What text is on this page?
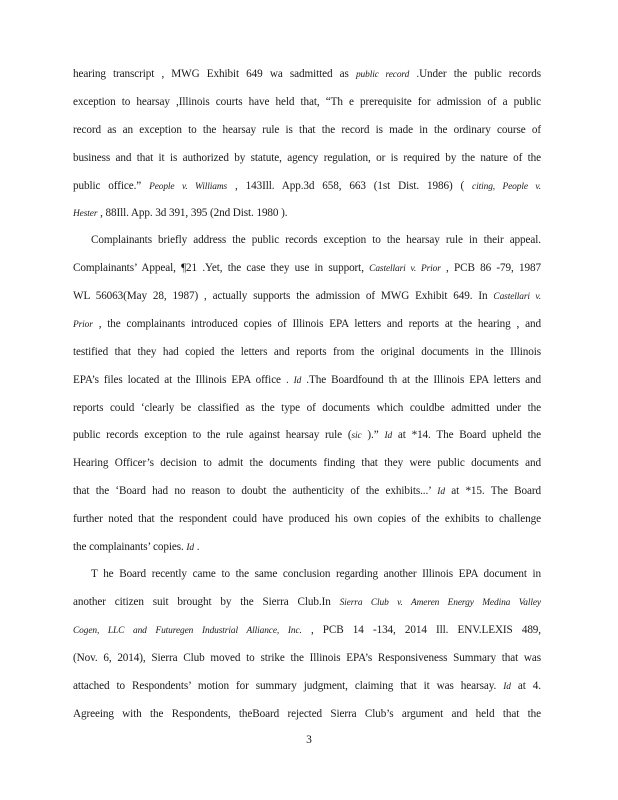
hearing transcript , MWG Exhibit 649 wa sadmitted as public record .Under the public records
exception to hearsay ,Illinois courts have held that, “Th e prerequisite for admission of a public
record as an exception to the hearsay rule is that the record is made in the ordinary course of
business and that it is authorized by statute, agency regulation, or is required by the nature of the
public office.” People v. Williams , 143Ill. App.3d 658, 663 (1st Dist. 1986) ( citing, People v.
Hester , 88Ill. App. 3d 391, 395 (2nd Dist. 1980 ).
Complainants briefly address the public records exception to the hearsay rule in their appeal.
Complainants’ Appeal, ¶21 .Yet, the case they use in support, Castellari v. Prior , PCB 86 -79, 1987
WL 56063(May 28, 1987) , actually supports the admission of MWG Exhibit 649. In Castellari v.
Prior , the complainants introduced copies of Illinois EPA letters and reports at the hearing , and
testified that they had copied the letters and reports from the original documents in the Illinois
EPA’s files located at the Illinois EPA office . Id .The Boardfound th at the Illinois EPA letters and
reports could ‘clearly be classified as the type of documents which couldbe admitted under the
public records exception to the rule against hearsay rule (sic ).” Id at *14. The Board upheld the
Hearing Officer’s decision to admit the documents finding that they were public documents and
that the ‘Board had no reason to doubt the authenticity of the exhibits...’ Id at *15. The Board
further noted that the respondent could have produced his own copies of the exhibits to challenge
the complainants’ copies. Id .
T he Board recently came to the same conclusion regarding another Illinois EPA document in
another citizen suit brought by the Sierra Club.In Sierra Club v. Ameren Energy Medina Valley
Cogen, LLC and Futuregen Industrial Alliance, Inc. , PCB 14 -134, 2014 Ill. ENV.LEXIS 489,
(Nov. 6, 2014), Sierra Club moved to strike the Illinois EPA’s Responsiveness Summary that was
attached to Respondents’ motion for summary judgment, claiming that it was hearsay. Id at 4.
Agreeing with the Respondents, theBoard rejected Sierra Club’s argument and held that the
3
